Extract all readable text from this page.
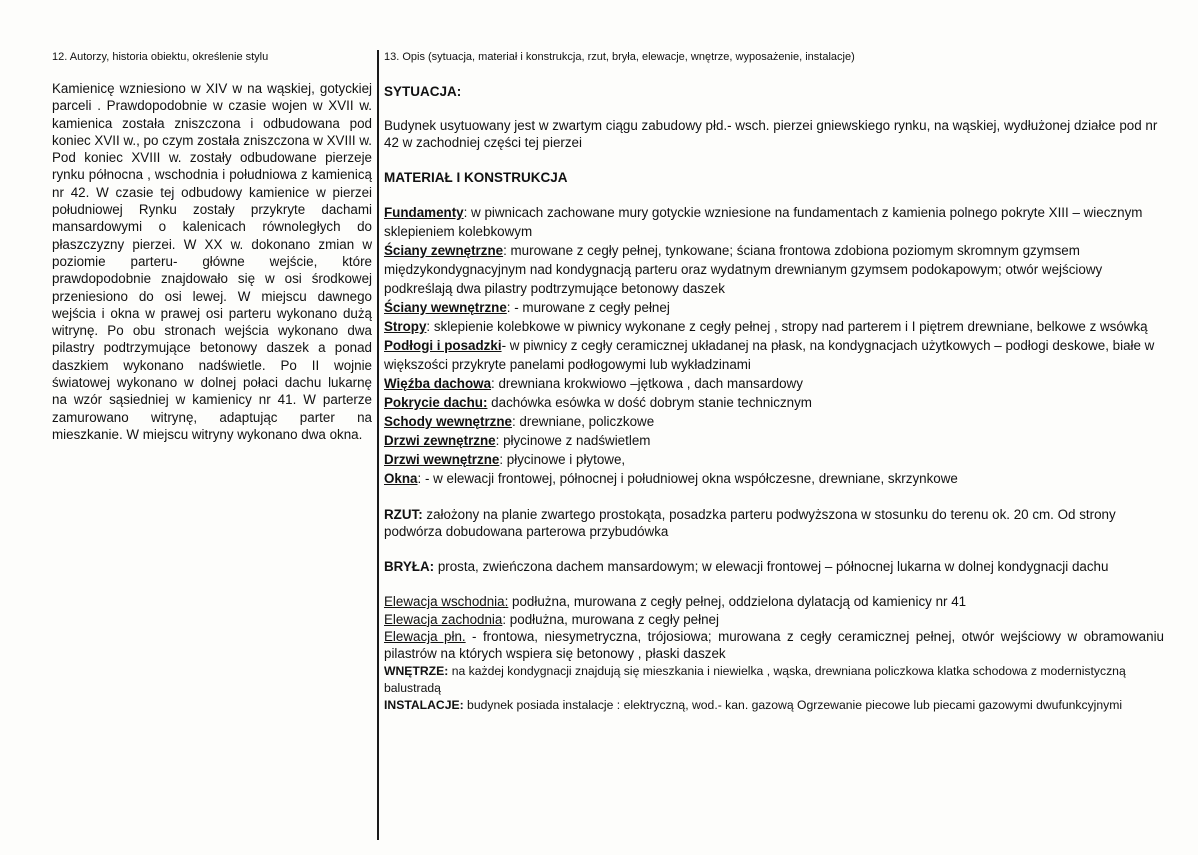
12. Autorzy, historia obiektu, określenie stylu

Kamienicę wzniesiono w XIV w na wąskiej, gotyckiej parceli . Prawdopodobnie w czasie wojen w XVII w. kamienica została zniszczona i odbudowana pod koniec XVII w., po czym została zniszczona w XVIII w. Pod koniec XVIII w. zostały odbudowane pierzeje rynku północna , wschodnia i południowa z kamienicą nr 42. W czasie tej odbudowy kamienice w pierzei południowej Rynku zostały przykryte dachami mansardowymi o kalenicach równoległych do płaszczyzny pierzei. W XX w. dokonano zmian w poziomie parteru- główne wejście, które prawdopodobnie znajdowało się w osi środkowej przeniesiono do osi lewej. W miejscu dawnego wejścia i okna w prawej osi parteru wykonano dużą witrynę. Po obu stronach wejścia wykonano dwa pilastry podtrzymujące betonowy daszek a ponad daszkiem wykonano nadświetle. Po II wojnie światowej wykonano w dolnej połaci dachu lukarnę na wzór sąsiedniej w kamienicy nr 41. W parterze zamurowano witrynę, adaptując parter na mieszkanie. W miejscu witryny wykonano dwa okna.

13. Opis (sytuacja, materiał i konstrukcja, rzut, bryła, elewacje, wnętrze, wyposażenie, instalacje)

SYTUACJA:

Budynek usytuowany jest w zwartym ciągu zabudowy płd.- wsch. pierzei gniewskiego rynku, na wąskiej, wydłużonej działce pod nr 42 w zachodniej części tej pierzei

MATERIAŁ I KONSTRUKCJA

Fundamenty: w piwnicach zachowane mury gotyckie wzniesione na fundamentach z kamienia polnego pokryte XIII – wiecznym sklepieniem kolebkowym

Ściany zewnętrzne: murowane z cegły pełnej, tynkowane; ściana frontowa zdobiona poziomym skromnym gzymsem międzykondygnacyjnym nad kondygnacją parteru oraz wydatnym drewnianym gzymsem podokapowym; otwór wejściowy podkreślają dwa pilastry podtrzymujące betonowy daszek

Ściany wewnętrzne: - murowane z cegły pełnej

Stropy: sklepienie kolebkowe w piwnicy wykonane z cegły pełnej , stropy nad parterem i I piętrem drewniane, belkowe z wsówką

Podłogi i posadzki- w piwnicy z cegły ceramicznej układanej na płask, na kondygnacjach użytkowych – podłogi deskowe, białe w większości przykryte panelami podłogowymi lub wykładzinami

Więźba dachowa: drewniana krokwiowo –jętkowa , dach mansardowy

Pokrycie dachu: dachówka esówka w dość dobrym stanie technicznym

Schody wewnętrzne: drewniane, policzkowe

Drzwi zewnętrzne: płycinowe z nadświetlem

Drzwi wewnętrzne: płycinowe i płytowe,

Okna: - w elewacji frontowej, północnej i południowej okna współczesne, drewniane, skrzynkowe

RZUT: założony na planie zwartego prostokąta, posadzka parteru podwyższona w stosunku do terenu ok. 20 cm. Od strony podwórza dobudowana parterowa przybudówka

BRYŁA: prosta, zwieńczona dachem mansardowym; w elewacji frontowej – północnej lukarna w dolnej kondygnacji dachu

Elewacja wschodnia: podłużna, murowana z cegły pełnej, oddzielona dylatacją od kamienicy nr 41

Elewacja zachodnia: podłużna, murowana z cegły pełnej

Elewacja płn. - frontowa, niesymetryczna, trójosiowa; murowana z cegły ceramicznej pełnej, otwór wejściowy w obramowaniu pilastrów na których wspiera się betonowy , płaski daszek

WNĘTRZE: na każdej kondygnacji znajdują się mieszkania i niewielka , wąska, drewniana policzkowa klatka schodowa z modernistyczną balustradą

INSTALACJE: budynek posiada instalacje : elektryczną, wod.- kan. gazową Ogrzewanie piecowe lub piecami gazowymi dwufunkcyjnymi
